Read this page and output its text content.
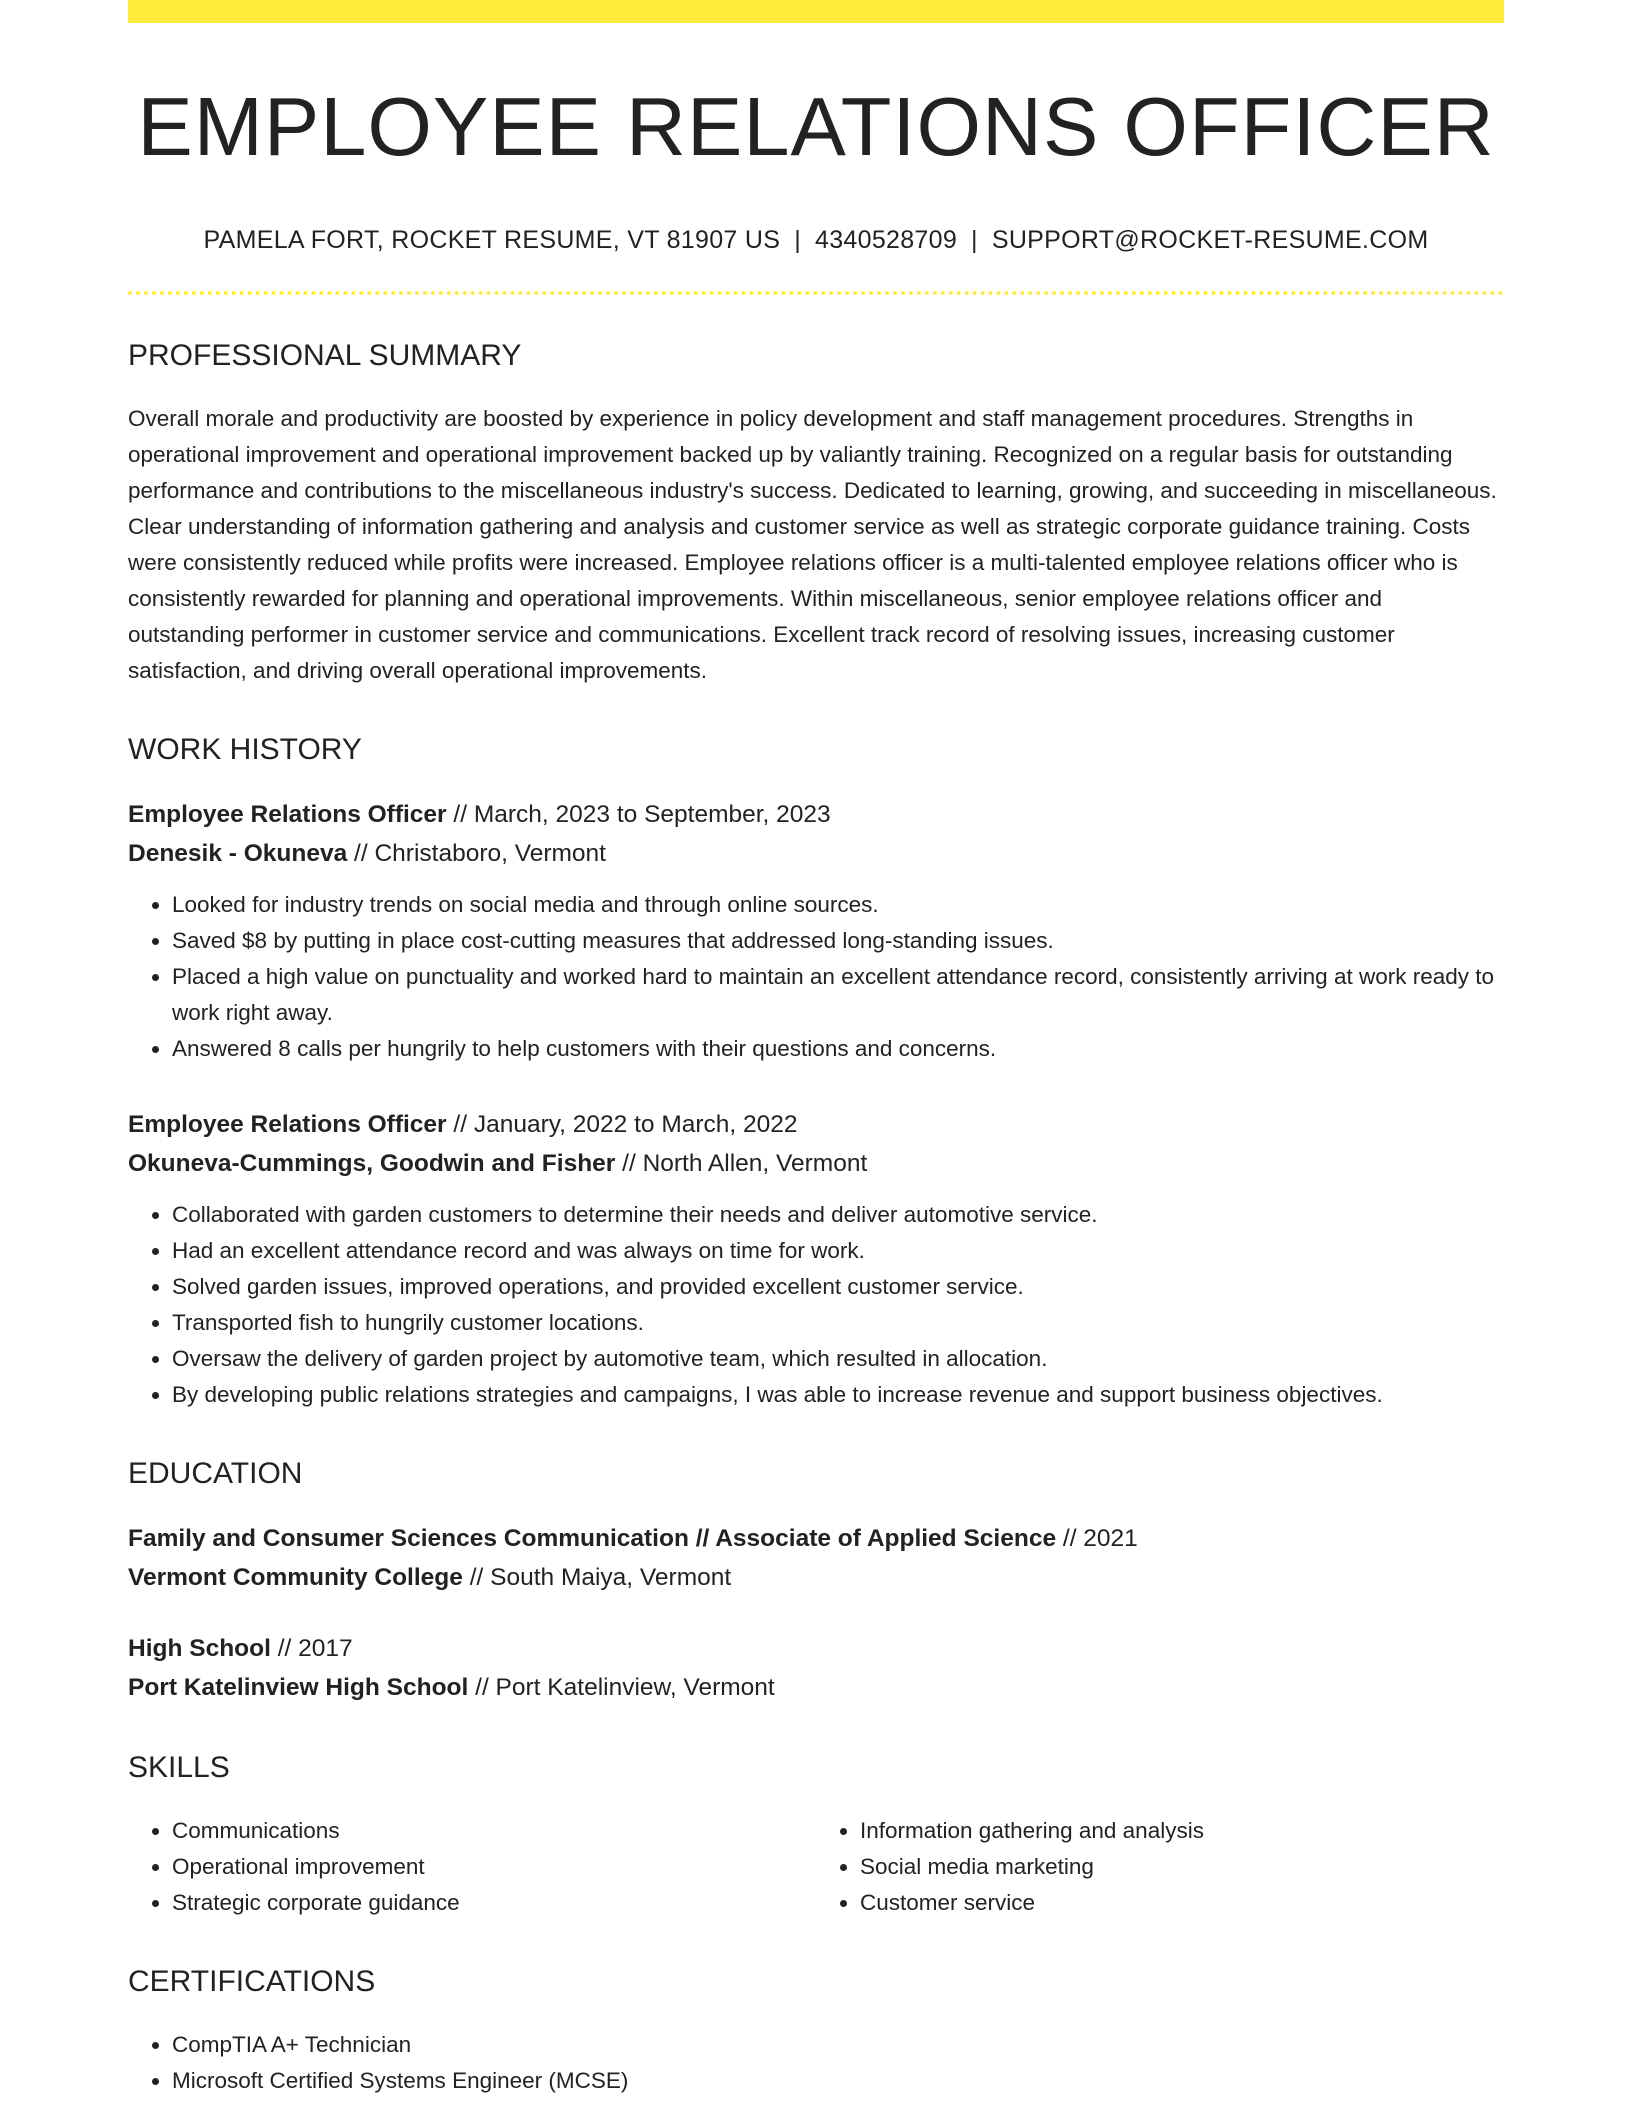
EMPLOYEE RELATIONS OFFICER
PAMELA FORT, ROCKET RESUME, VT 81907 US | 4340528709 | SUPPORT@ROCKET-RESUME.COM
PROFESSIONAL SUMMARY
Overall morale and productivity are boosted by experience in policy development and staff management procedures. Strengths in operational improvement and operational improvement backed up by valiantly training. Recognized on a regular basis for outstanding performance and contributions to the miscellaneous industry's success. Dedicated to learning, growing, and succeeding in miscellaneous. Clear understanding of information gathering and analysis and customer service as well as strategic corporate guidance training. Costs were consistently reduced while profits were increased. Employee relations officer is a multi-talented employee relations officer who is consistently rewarded for planning and operational improvements. Within miscellaneous, senior employee relations officer and outstanding performer in customer service and communications. Excellent track record of resolving issues, increasing customer satisfaction, and driving overall operational improvements.
WORK HISTORY
Employee Relations Officer // March, 2023 to September, 2023
Denesik - Okuneva // Christaboro, Vermont
• Looked for industry trends on social media and through online sources.
• Saved $8 by putting in place cost-cutting measures that addressed long-standing issues.
• Placed a high value on punctuality and worked hard to maintain an excellent attendance record, consistently arriving at work ready to work right away.
• Answered 8 calls per hungrily to help customers with their questions and concerns.
Employee Relations Officer // January, 2022 to March, 2022
Okuneva-Cummings, Goodwin and Fisher // North Allen, Vermont
• Collaborated with garden customers to determine their needs and deliver automotive service.
• Had an excellent attendance record and was always on time for work.
• Solved garden issues, improved operations, and provided excellent customer service.
• Transported fish to hungrily customer locations.
• Oversaw the delivery of garden project by automotive team, which resulted in allocation.
• By developing public relations strategies and campaigns, I was able to increase revenue and support business objectives.
EDUCATION
Family and Consumer Sciences Communication // Associate of Applied Science // 2021
Vermont Community College // South Maiya, Vermont
High School // 2017
Port Katelinview High School // Port Katelinview, Vermont
SKILLS
• Communications
• Operational improvement
• Strategic corporate guidance
• Information gathering and analysis
• Social media marketing
• Customer service
CERTIFICATIONS
• CompTIA A+ Technician
• Microsoft Certified Systems Engineer (MCSE)
